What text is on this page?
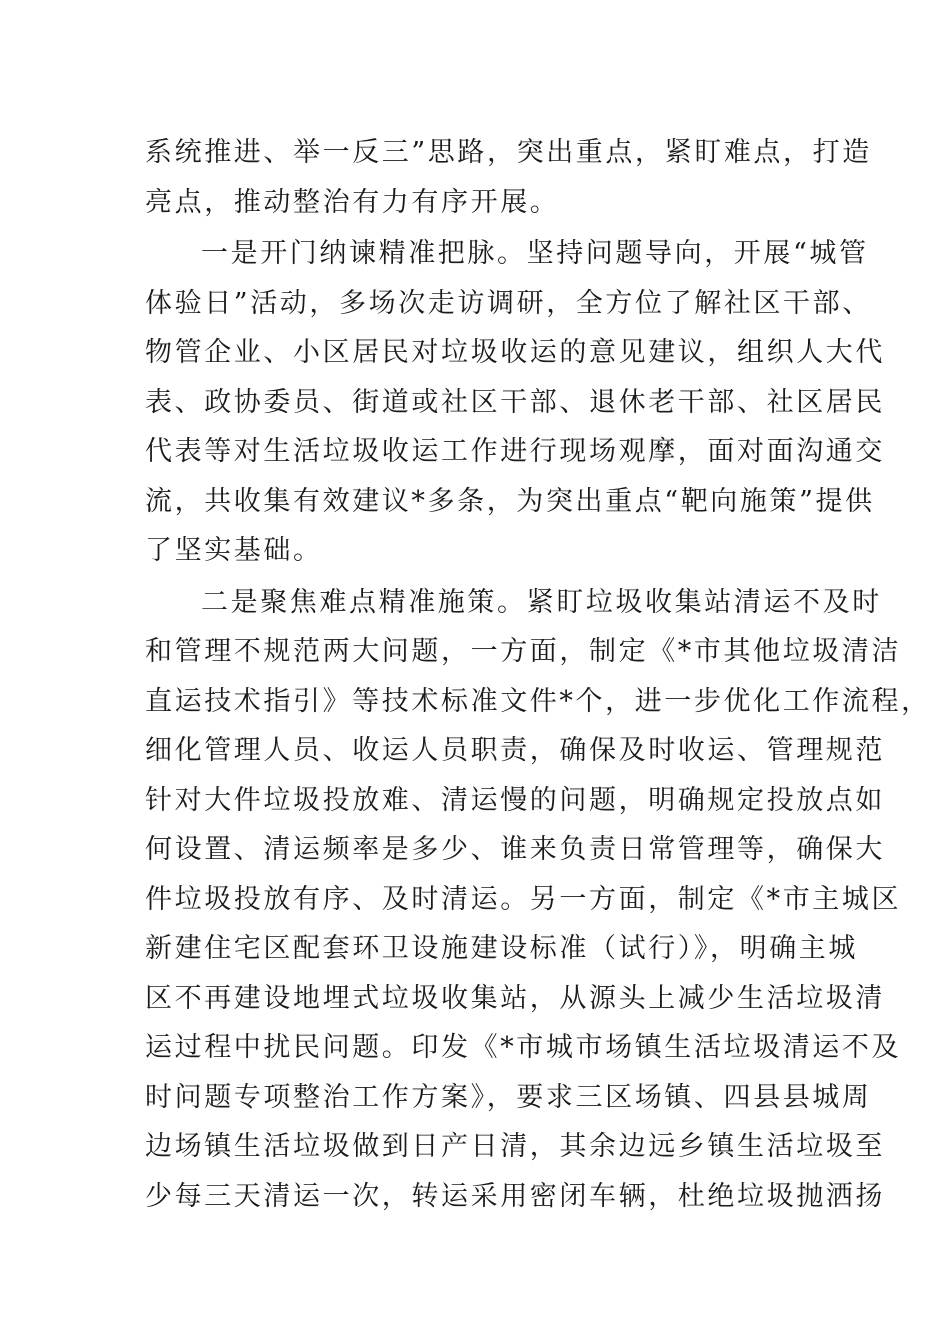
系统推进、举一反三”思路，突出重点，紧盯难点，打造
亮点，推动整治有力有序开展。
一是开门纳谏精准把脉。坚持问题导向，开展“城管
体验日”活动，多场次走访调研，全方位了解社区干部、
物管企业、小区居民对垃圾收运的意见建议，组织人大代
表、政协委员、街道或社区干部、退休老干部、社区居民
代表等对生活垃圾收运工作进行现场观摩，面对面沟通交
流，共收集有效建议*多条，为突出重点“靶向施策”提供
了坚实基础。
二是聚焦难点精准施策。紧盯垃圾收集站清运不及时
和管理不规范两大问题，一方面，制定《*市其他垃圾清洁
直运技术指引》等技术标准文件*个，进一步优化工作流程，
细化管理人员、收运人员职责，确保及时收运、管理规范
针对大件垃圾投放难、清运慢的问题，明确规定投放点如
何设置、清运频率是多少、谁来负责日常管理等，确保大
件垃圾投放有序、及时清运。另一方面，制定《*市主城区
新建住宅区配套环卫设施建设标准（试行）》，明确主城
区不再建设地埋式垃圾收集站，从源头上减少生活垃圾清
运过程中扰民问题。印发《*市城市场镇生活垃圾清运不及
时问题专项整治工作方案》，要求三区场镇、四县县城周
边场镇生活垃圾做到日产日清，其余边远乡镇生活垃圾至
少每三天清运一次，转运采用密闭车辆，杜绝垃圾抛洒扬
